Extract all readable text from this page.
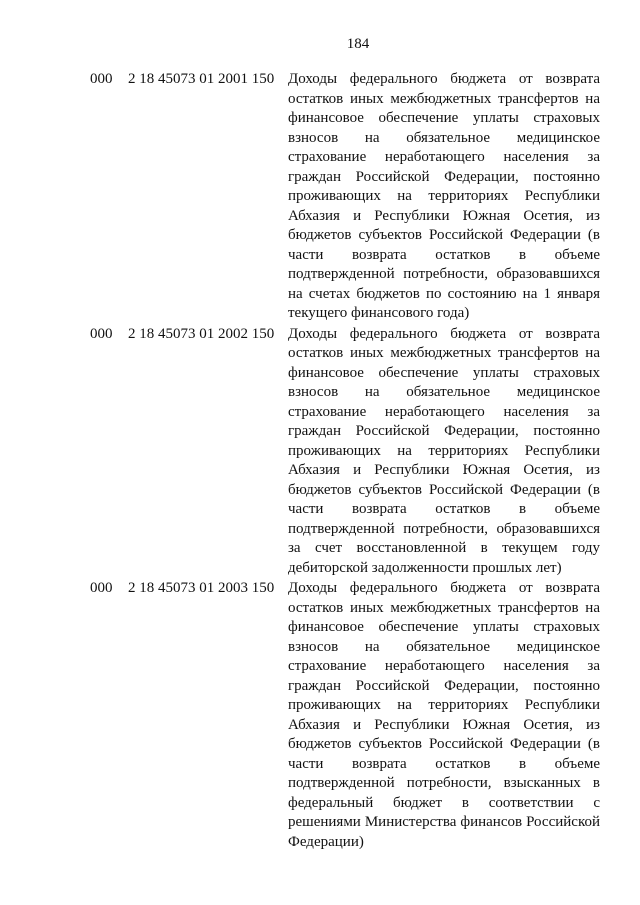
184
000	2 18 45073 01 2001 150 Доходы федерального бюджета от возврата остатков иных межбюджетных трансфертов на финансовое обеспечение уплаты страховых взносов на обязательное медицинское страхование неработающего населения за граждан Российской Федерации, постоянно проживающих на территориях Республики Абхазия и Республики Южная Осетия, из бюджетов субъектов Российской Федерации (в части возврата остатков в объеме подтвержденной потребности, образовавшихся на счетах бюджетов по состоянию на 1 января текущего финансового года)
000	2 18 45073 01 2002 150 Доходы федерального бюджета от возврата остатков иных межбюджетных трансфертов на финансовое обеспечение уплаты страховых взносов на обязательное медицинское страхование неработающего населения за граждан Российской Федерации, постоянно проживающих на территориях Республики Абхазия и Республики Южная Осетия, из бюджетов субъектов Российской Федерации (в части возврата остатков в объеме подтвержденной потребности, образовавшихся за счет восстановленной в текущем году дебиторской задолженности прошлых лет)
000	2 18 45073 01 2003 150 Доходы федерального бюджета от возврата остатков иных межбюджетных трансфертов на финансовое обеспечение уплаты страховых взносов на обязательное медицинское страхование неработающего населения за граждан Российской Федерации, постоянно проживающих на территориях Республики Абхазия и Республики Южная Осетия, из бюджетов субъектов Российской Федерации (в части возврата остатков в объеме подтвержденной потребности, взысканных в федеральный бюджет в соответствии с решениями Министерства финансов Российской Федерации)
